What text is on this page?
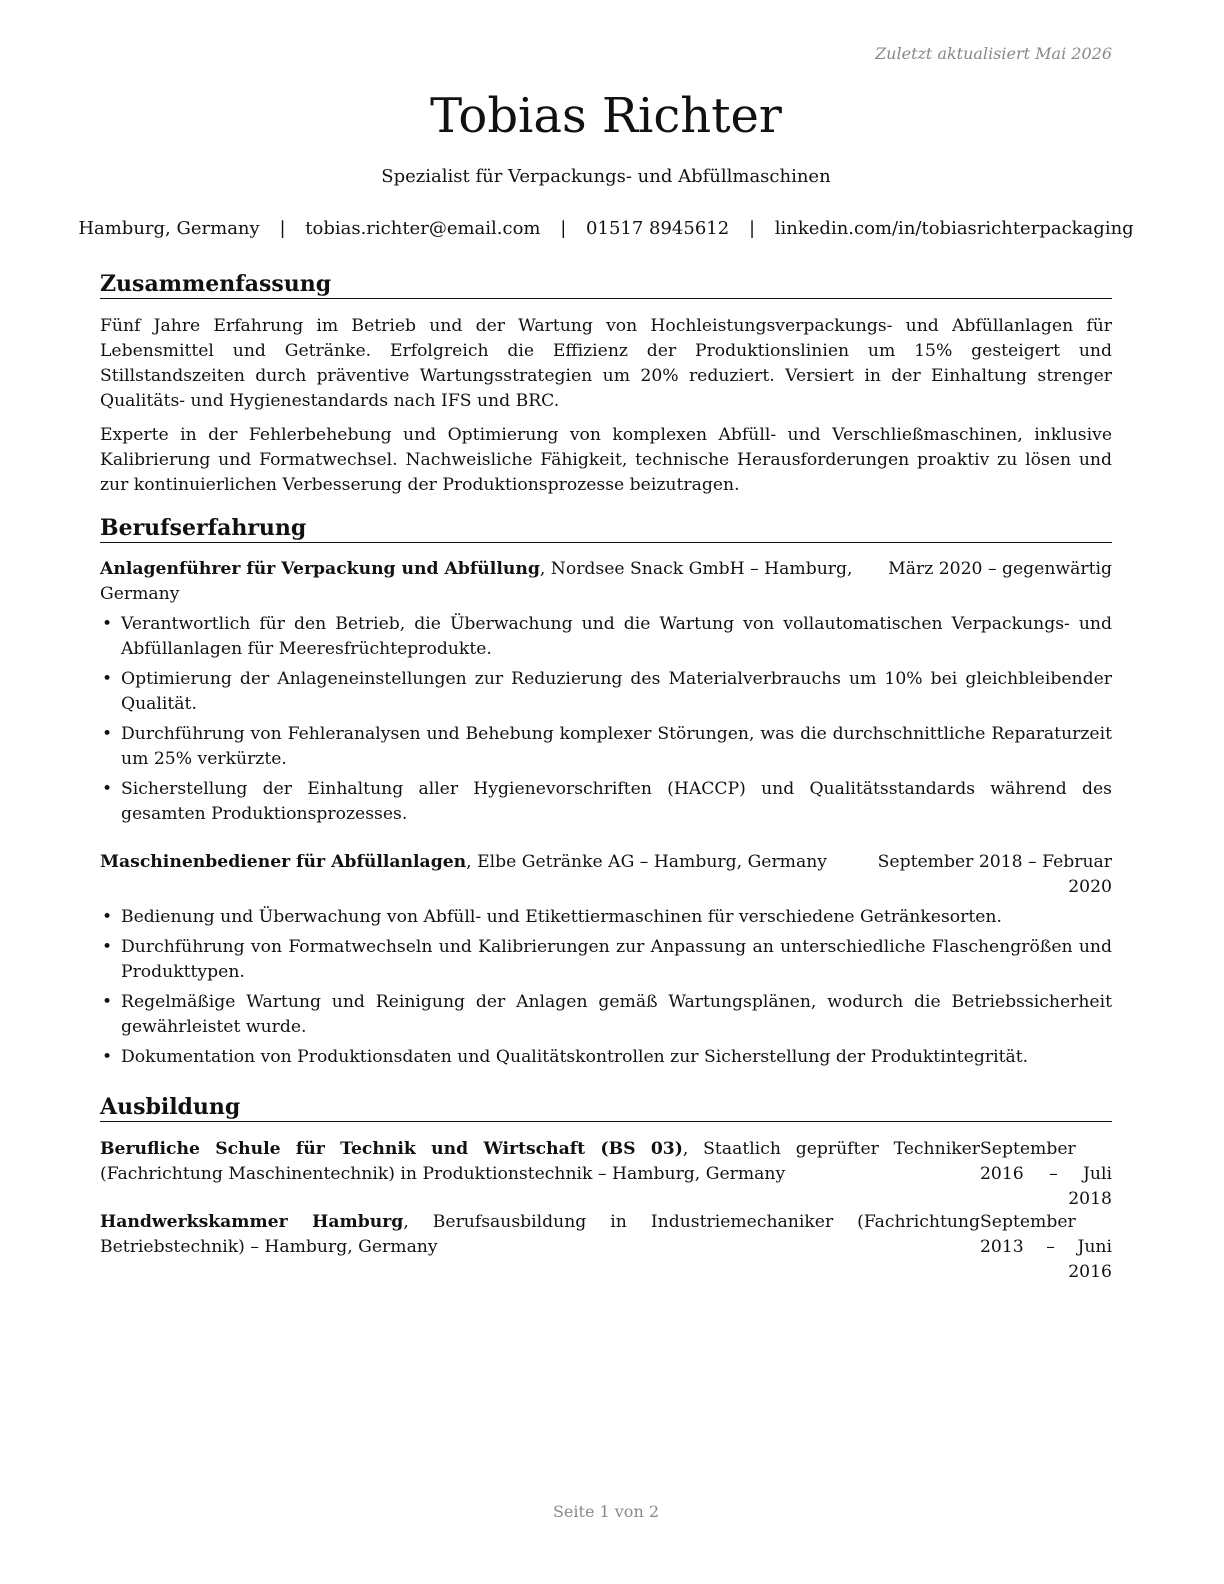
Zuletzt aktualisiert Mai 2026
Tobias Richter
Spezialist für Verpackungs- und Abfüllmaschinen
Hamburg, Germany | tobias.richter@email.com | 01517 8945612 | linkedin.com/in/tobiasrichterpackaging
Zusammenfassung
Fünf Jahre Erfahrung im Betrieb und der Wartung von Hochleistungsverpackungs- und Abfüllanlagen für Lebensmittel und Getränke. Erfolgreich die Effizienz der Produktionslinien um 15% gesteigert und Stillstandszeiten durch präventive Wartungsstrategien um 20% reduziert. Versiert in der Einhaltung strenger Qualitäts- und Hygienestandards nach IFS und BRC.
Experte in der Fehlerbehebung und Optimierung von komplexen Abfüll- und Verschließmaschinen, inklusive Kalibrierung und Formatwechsel. Nachweisliche Fähigkeit, technische Herausforderungen proaktiv zu lösen und zur kontinuierlichen Verbesserung der Produktionsprozesse beizutragen.
Berufserfahrung
Anlagenführer für Verpackung und Abfüllung, Nordsee Snack GmbH – Hamburg, Germany
März 2020 – gegenwärtig
• Verantwortlich für den Betrieb, die Überwachung und die Wartung von vollautomatischen Verpackungs- und Abfüllanlagen für Meeresfrüchteprodukte.
• Optimierung der Anlageneinstellungen zur Reduzierung des Materialverbrauchs um 10% bei gleichbleibender Qualität.
• Durchführung von Fehleranalysen und Behebung komplexer Störungen, was die durchschnittliche Reparaturzeit um 25% verkürzte.
• Sicherstellung der Einhaltung aller Hygienevorschriften (HACCP) und Qualitätsstandards während des gesamten Produktionsprozesses.
Maschinenbediener für Abfüllanlagen, Elbe Getränke AG – Hamburg, Germany	September 2018 – Februar 2020
• Bedienung und Überwachung von Abfüll- und Etikettiermaschinen für verschiedene Getränkesorten.
• Durchführung von Formatwechseln und Kalibrierungen zur Anpassung an unterschiedliche Flaschengrößen und Produkttypen.
• Regelmäßige Wartung und Reinigung der Anlagen gemäß Wartungsplänen, wodurch die Betriebssicherheit gewährleistet wurde.
• Dokumentation von Produktionsdaten und Qualitätskontrollen zur Sicherstellung der Produktintegrität.
Ausbildung
Berufliche Schule für Technik und Wirtschaft (BS 03), Staatlich geprüfter Techniker (Fachrichtung Maschinentechnik) in Produktionstechnik – Hamburg, Germany
September 2016 – Juli 2018
Handwerkskammer Hamburg, Berufsausbildung in Industriemechaniker (Fachrichtung Betriebstechnik) – Hamburg, Germany
September 2013 – Juni 2016
Seite 1 von 2
